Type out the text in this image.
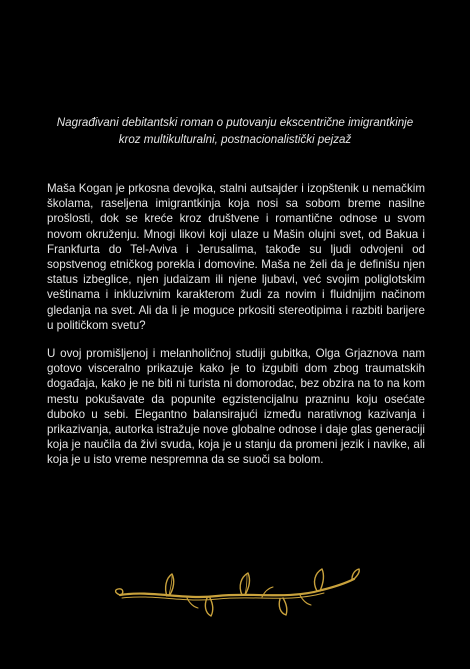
Nagrađivani debitantski roman o putovanju ekscentrične imigrantkinje
kroz multikulturalni, postnacionalistički pejzaž

Maša Kogan je prkosna devojka, stalni autsajder i izopštenik u nemačkim školama, raseljena imigrantkinja koja nosi sa sobom breme nasilne prošlosti, dok se kreće kroz društvene i romantične odnose u svom novom okruženju. Mnogi likovi koji ulaze u Mašin olujni svet, od Bakua i Frankfurta do Tel-Aviva i Jerusalima, takođe su ljudi odvojeni od sopstvenog etničkog porekla i domovine. Maša ne želi da je definišu njen status izbeglice, njen judaizam ili njene ljubavi, već svojim poliglotskim veštinama i inkluzivnim karakterom žudi za novim i fluidnijim načinom gledanja na svet. Ali da li je moguce prkositi stereotipima i razbiti barijere u političkom svetu?

U ovoj promišljenoj i melanholičnoj studiji gubitka, Olga Grjaznova nam gotovo visceralno prikazuje kako je to izgubiti dom zbog traumatskih događaja, kako je ne biti ni turista ni domorodac, bez obzira na to na kom mestu pokušavate da popunite egzistencijalnu prazninu koju osećate duboko u sebi. Elegantno balansirajući između narativnog kazivanja i prikazivanja, autorka istražuje nove globalne odnose i daje glas generaciji koja je naučila da živi svuda, koja je u stanju da promeni jezik i navike, ali koja je u isto vreme nespremna da se suoči sa bolom.
